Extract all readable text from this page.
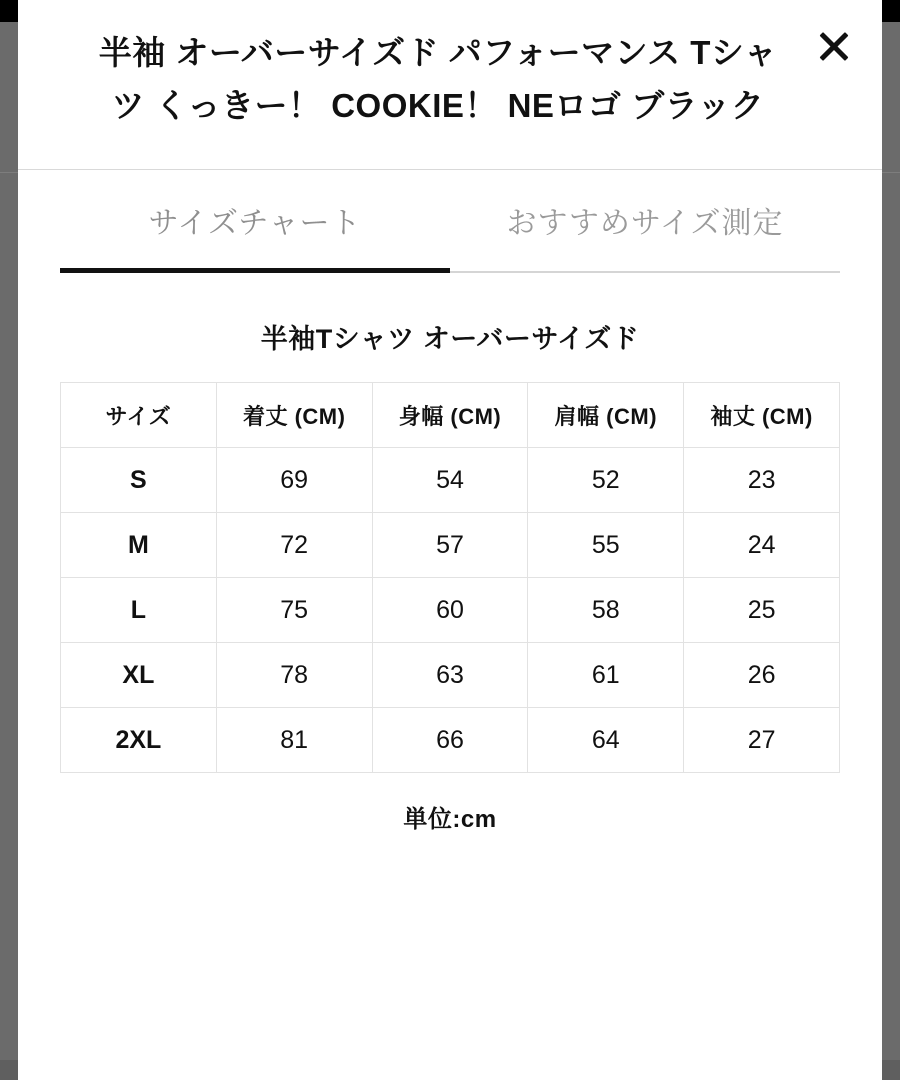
半袖 オーバーサイズド パフォーマンス Tシャツ くっきー！ COOKIE！ NEロゴ ブラック
サイズチャート	おすすめサイズ測定
半袖Tシャツ オーバーサイズド
サイズ	着丈 (CM)	身幅 (CM)	肩幅 (CM)	袖丈 (CM)
S	69	54	52	23
M	72	57	55	24
L	75	60	58	25
XL	78	63	61	26
2XL	81	66	64	27
単位:cm
